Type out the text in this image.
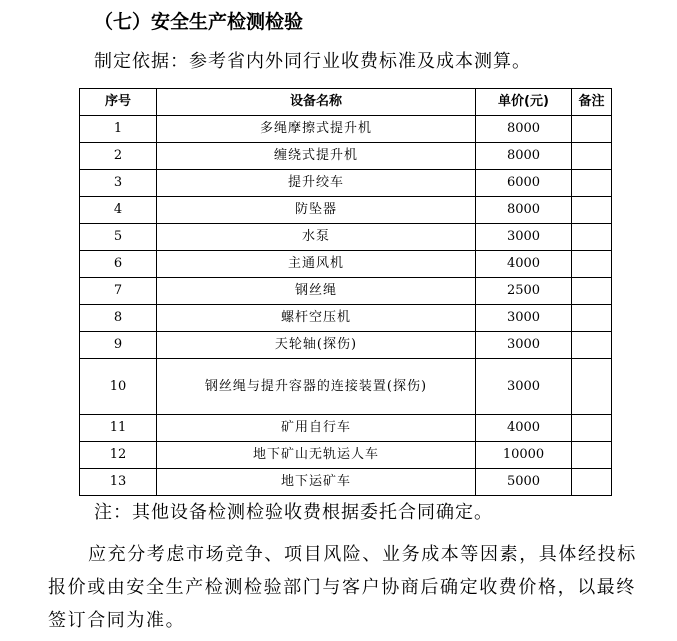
（七）安全生产检测检验
制定依据：参考省内外同行业收费标准及成本测算。
序号	设备名称	单价(元)	备注
1	多绳摩擦式提升机	8000	
2	缠绕式提升机	8000	
3	提升绞车	6000	
4	防坠器	8000	
5	水泵	3000	
6	主通风机	4000	
7	钢丝绳	2500	
8	螺杆空压机	3000	
9	天轮轴(探伤)	3000	
10	钢丝绳与提升容器的连接装置(探伤)	3000	
11	矿用自行车	4000	
12	地下矿山无轨运人车	10000	
13	地下运矿车	5000	
注：其他设备检测检验收费根据委托合同确定。

应充分考虑市场竞争、项目风险、业务成本等因素，具体经投标报价或由安全生产检测检验部门与客户协商后确定收费价格，以最终签订合同为准。
